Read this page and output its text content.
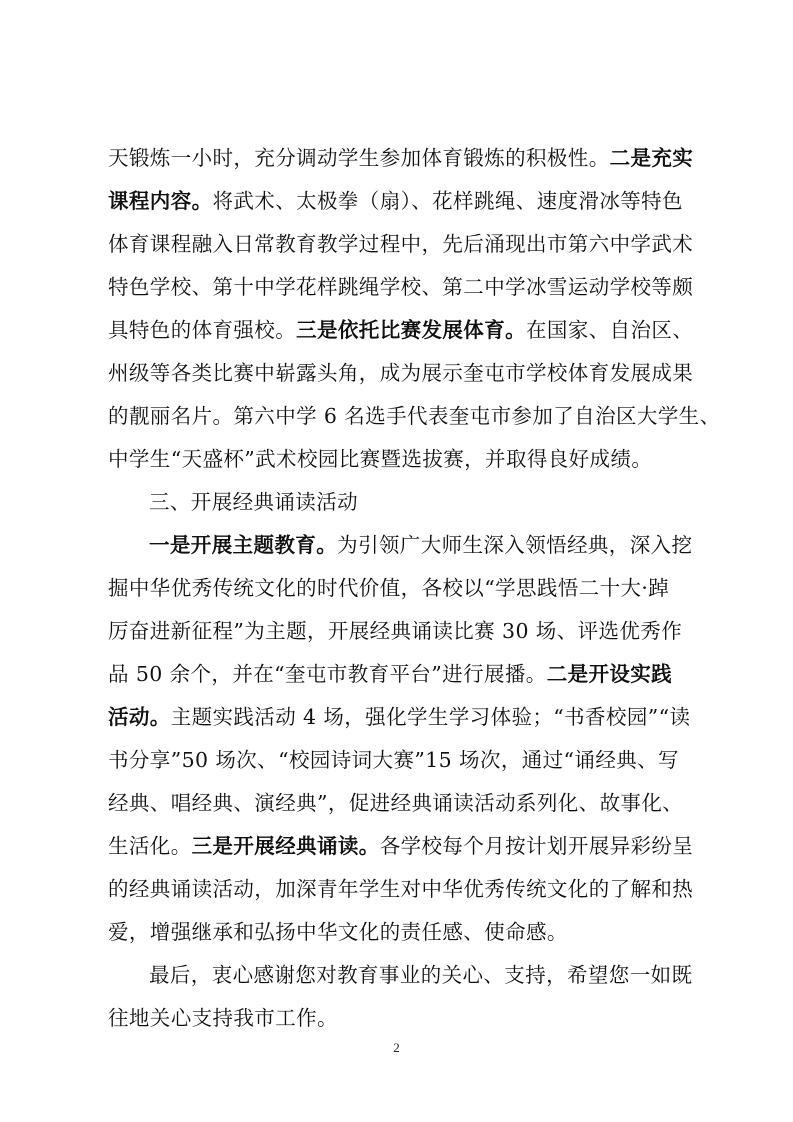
天锻炼一小时，充分调动学生参加体育锻炼的积极性。二是充实
课程内容。将武术、太极拳（扇）、花样跳绳、速度滑冰等特色
体育课程融入日常教育教学过程中，先后涌现出市第六中学武术
特色学校、第十中学花样跳绳学校、第二中学冰雪运动学校等颇
具特色的体育强校。三是依托比赛发展体育。在国家、自治区、
州级等各类比赛中崭露头角，成为展示奎屯市学校体育发展成果
的靓丽名片。第六中学 6 名选手代表奎屯市参加了自治区大学生、
中学生“天盛杯”武术校园比赛暨选拔赛，并取得良好成绩。
三、开展经典诵读活动
一是开展主题教育。为引领广大师生深入领悟经典，深入挖
掘中华优秀传统文化的时代价值，各校以“学思践悟二十大·踔
厉奋进新征程”为主题，开展经典诵读比赛 30 场、评选优秀作
品 50 余个，并在“奎屯市教育平台”进行展播。二是开设实践
活动。主题实践活动 4 场，强化学生学习体验；“书香校园”“读
书分享”50 场次、“校园诗词大赛”15 场次，通过“诵经典、写
经典、唱经典、演经典”，促进经典诵读活动系列化、故事化、
生活化。三是开展经典诵读。各学校每个月按计划开展异彩纷呈
的经典诵读活动，加深青年学生对中华优秀传统文化的了解和热
爱，增强继承和弘扬中华文化的责任感、使命感。
最后，衷心感谢您对教育事业的关心、支持，希望您一如既
往地关心支持我市工作。
2
